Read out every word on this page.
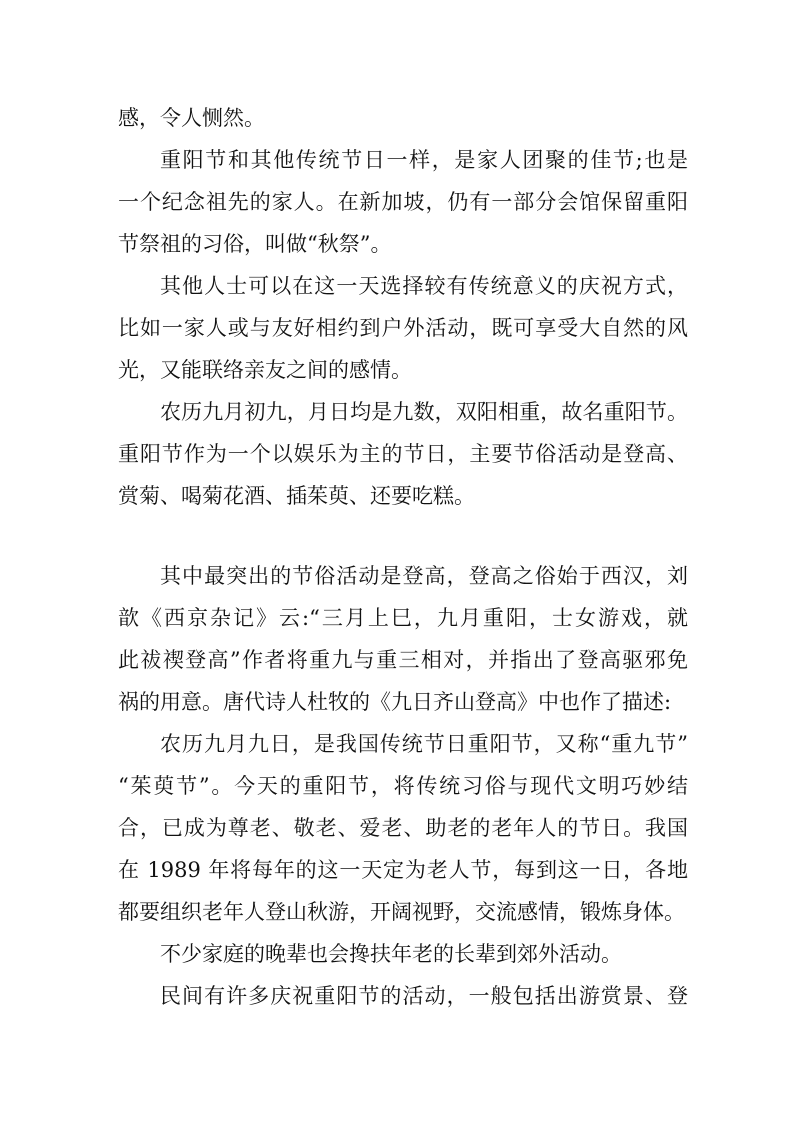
感，令人恻然。
重阳节和其他传统节日一样，是家人团聚的佳节;也是
一个纪念祖先的家人。在新加坡，仍有一部分会馆保留重阳
节祭祖的习俗，叫做“秋祭”。
其他人士可以在这一天选择较有传统意义的庆祝方式，
比如一家人或与友好相约到户外活动，既可享受大自然的风
光，又能联络亲友之间的感情。
农历九月初九，月日均是九数，双阳相重，故名重阳节。
重阳节作为一个以娱乐为主的节日，主要节俗活动是登高、
赏菊、喝菊花酒、插茱萸、还要吃糕。
其中最突出的节俗活动是登高，登高之俗始于西汉，刘
歆《西京杂记》云:“三月上巳，九月重阳，士女游戏，就
此祓禊登高”作者将重九与重三相对，并指出了登高驱邪免
祸的用意。唐代诗人杜牧的《九日齐山登高》中也作了描述:
农历九月九日，是我国传统节日重阳节，又称“重九节”
“茱萸节”。今天的重阳节，将传统习俗与现代文明巧妙结
合，已成为尊老、敬老、爱老、助老的老年人的节日。我国
在 1989 年将每年的这一天定为老人节，每到这一日，各地
都要组织老年人登山秋游，开阔视野，交流感情，锻炼身体。
不少家庭的晚辈也会搀扶年老的长辈到郊外活动。
民间有许多庆祝重阳节的活动，一般包括出游赏景、登
